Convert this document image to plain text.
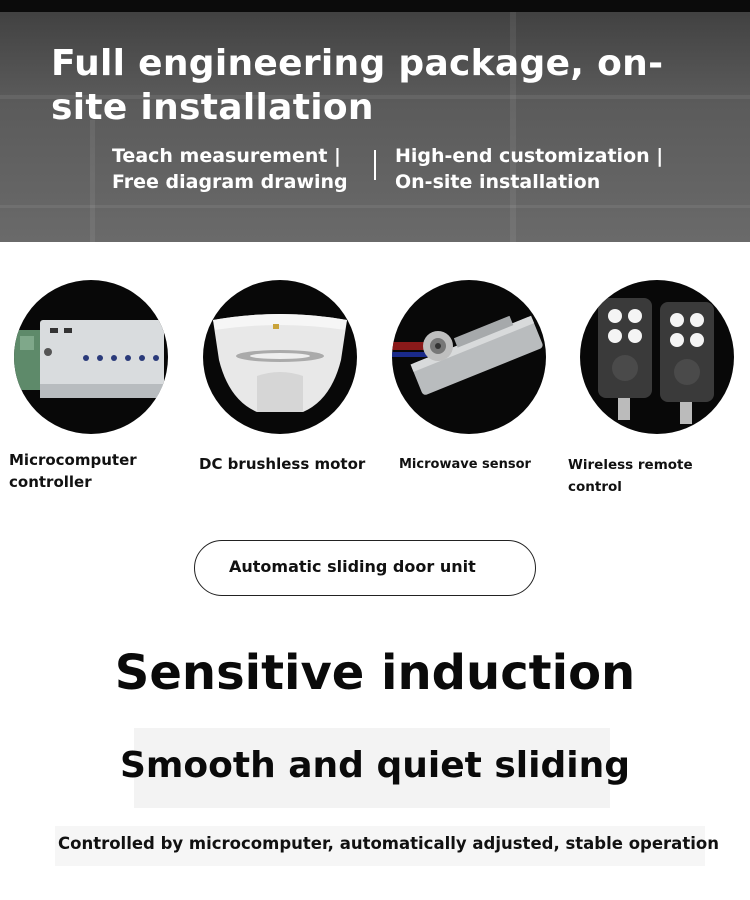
Full engineering package, on-site installation
Teach measurement |
Free diagram drawing
High-end customization |
On-site installation
Microcomputer controller
DC brushless motor	Microwave sensor	Wireless remote control
Automatic sliding door unit
Sensitive induction
Smooth and quiet sliding
Controlled by microcomputer, automatically adjusted, stable operation
